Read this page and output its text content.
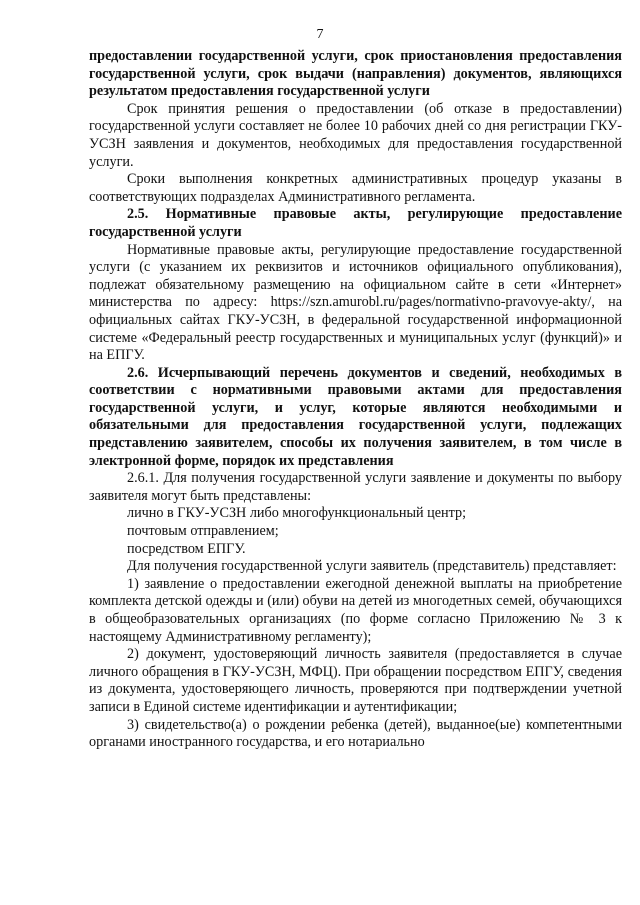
7

предоставлении государственной услуги, срок приостановления предоставления государственной услуги, срок выдачи (направления) документов, являющихся результатом предоставления государственной услуги

Срок принятия решения о предоставлении (об отказе в предоставлении) государственной услуги составляет не более 10 рабочих дней со дня регистрации ГКУ-УСЗН заявления и документов, необходимых для предоставления государственной услуги.

Сроки выполнения конкретных административных процедур указаны в соответствующих подразделах Административного регламента.

2.5. Нормативные правовые акты, регулирующие предоставление государственной услуги

Нормативные правовые акты, регулирующие предоставление государственной услуги (с указанием их реквизитов и источников официального опубликования), подлежат обязательному размещению на официальном сайте в сети «Интернет» министерства по адресу: https://szn.amurobl.ru/pages/normativno-pravovye-akty/, на официальных сайтах ГКУ-УСЗН, в федеральной государственной информационной системе «Федеральный реестр государственных и муниципальных услуг (функций)» и на ЕПГУ.

2.6. Исчерпывающий перечень документов и сведений, необходимых в соответствии с нормативными правовыми актами для предоставления государственной услуги, и услуг, которые являются необходимыми и обязательными для предоставления государственной услуги, подлежащих представлению заявителем, способы их получения заявителем, в том числе в электронной форме, порядок их представления

2.6.1. Для получения государственной услуги заявление и документы по выбору заявителя могут быть представлены:

лично в ГКУ-УСЗН либо многофункциональный центр;

почтовым отправлением;

посредством ЕПГУ.

Для получения государственной услуги заявитель (представитель) представляет:

1) заявление о предоставлении ежегодной денежной выплаты на приобретение комплекта детской одежды и (или) обуви на детей из многодетных семей, обучающихся в общеобразовательных организациях (по форме согласно Приложению № 3 к настоящему Административному регламенту);

2) документ, удостоверяющий личность заявителя (предоставляется в случае личного обращения в ГКУ-УСЗН, МФЦ). При обращении посредством ЕПГУ, сведения из документа, удостоверяющего личность, проверяются при подтверждении учетной записи в Единой системе идентификации и аутентификации;

3) свидетельство(а) о рождении ребенка (детей), выданное(ые) компетентными органами иностранного государства, и его нотариально
